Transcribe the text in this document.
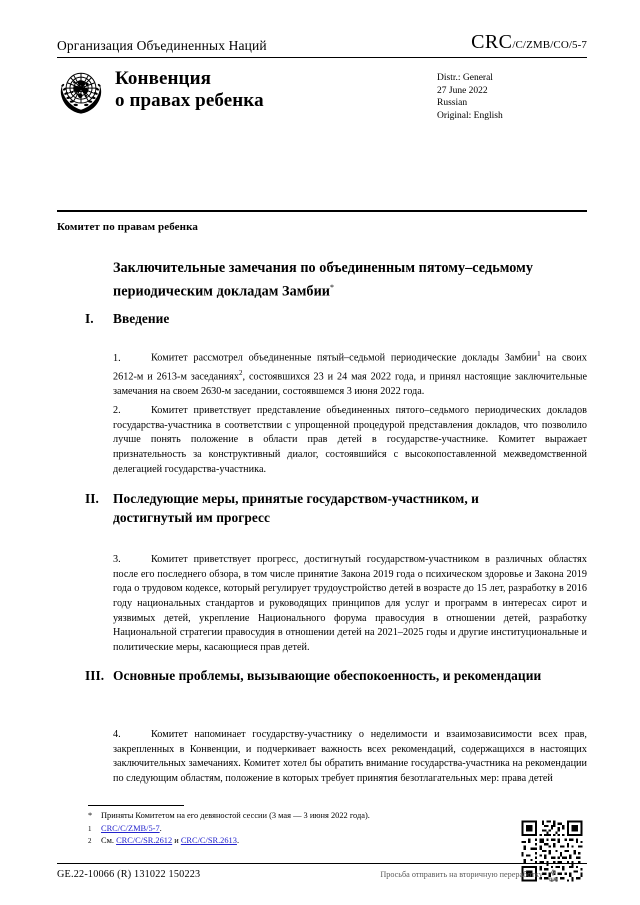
Организация Объединенных Наций	CRC/C/ZMB/CO/5-7
Конвенция
о правах ребенка
Distr.: General
27 June 2022
Russian
Original: English
Комитет по правам ребенка
Заключительные замечания по объединенным пятому–седьмому периодическим докладам Замбии*
I.	Введение

1.	Комитет рассмотрел объединенные пятый–седьмой периодические доклады Замбии$^1$ на своих 2612-м и 2613-м заседаниях$^2$, состоявшихся 23 и 24 мая 2022 года, и принял настоящие заключительные замечания на своем 2630-м заседании, состоявшемся 3 июня 2022 года.

2.	Комитет приветствует представление объединенных пятого–седьмого периодических докладов государства-участника в соответствии с упрощенной процедурой представления докладов, что позволило лучше понять положение в области прав детей в государстве-участнике. Комитет выражает признательность за конструктивный диалог, состоявшийся с высокопоставленной межведомственной делегацией государства-участника.

II.	Последующие меры, принятые государством-участником, и достигнутый им прогресс

3.	Комитет приветствует прогресс, достигнутый государством-участником в различных областях после его последнего обзора, в том числе принятие Закона 2019 года о психическом здоровье и Закона 2019 года о трудовом кодексе, который регулирует трудоустройство детей в возрасте до 15 лет, разработку в 2016 году национальных стандартов и руководящих принципов для услуг и программ в интересах сирот и уязвимых детей, укрепление Национального форума правосудия в отношении детей, разработку Национальной стратегии правосудия в отношении детей на 2021–2025 годы и другие институциональные и политические меры, касающиеся прав детей.

III. Основные проблемы, вызывающие обеспокоенность, и рекомендации

4.	Комитет напоминает государству-участнику о неделимости и взаимозависимости всех прав, закрепленных в Конвенции, и подчеркивает важность всех рекомендаций, содержащихся в настоящих заключительных замечаниях. Комитет хотел бы обратить внимание государства-участника на рекомендации по следующим областям, положение в которых требует принятия безотлагательных мер: права детей

*	Приняты Комитетом на его девяностой сессии (3 мая — 3 июня 2022 года).
1	CRC/C/ZMB/5-7.
2	См. CRC/C/SR.2612 и CRC/C/SR.2613.
GE.22-10066 (R) 131022 150223	Просьба отправить на вторичную переработку
